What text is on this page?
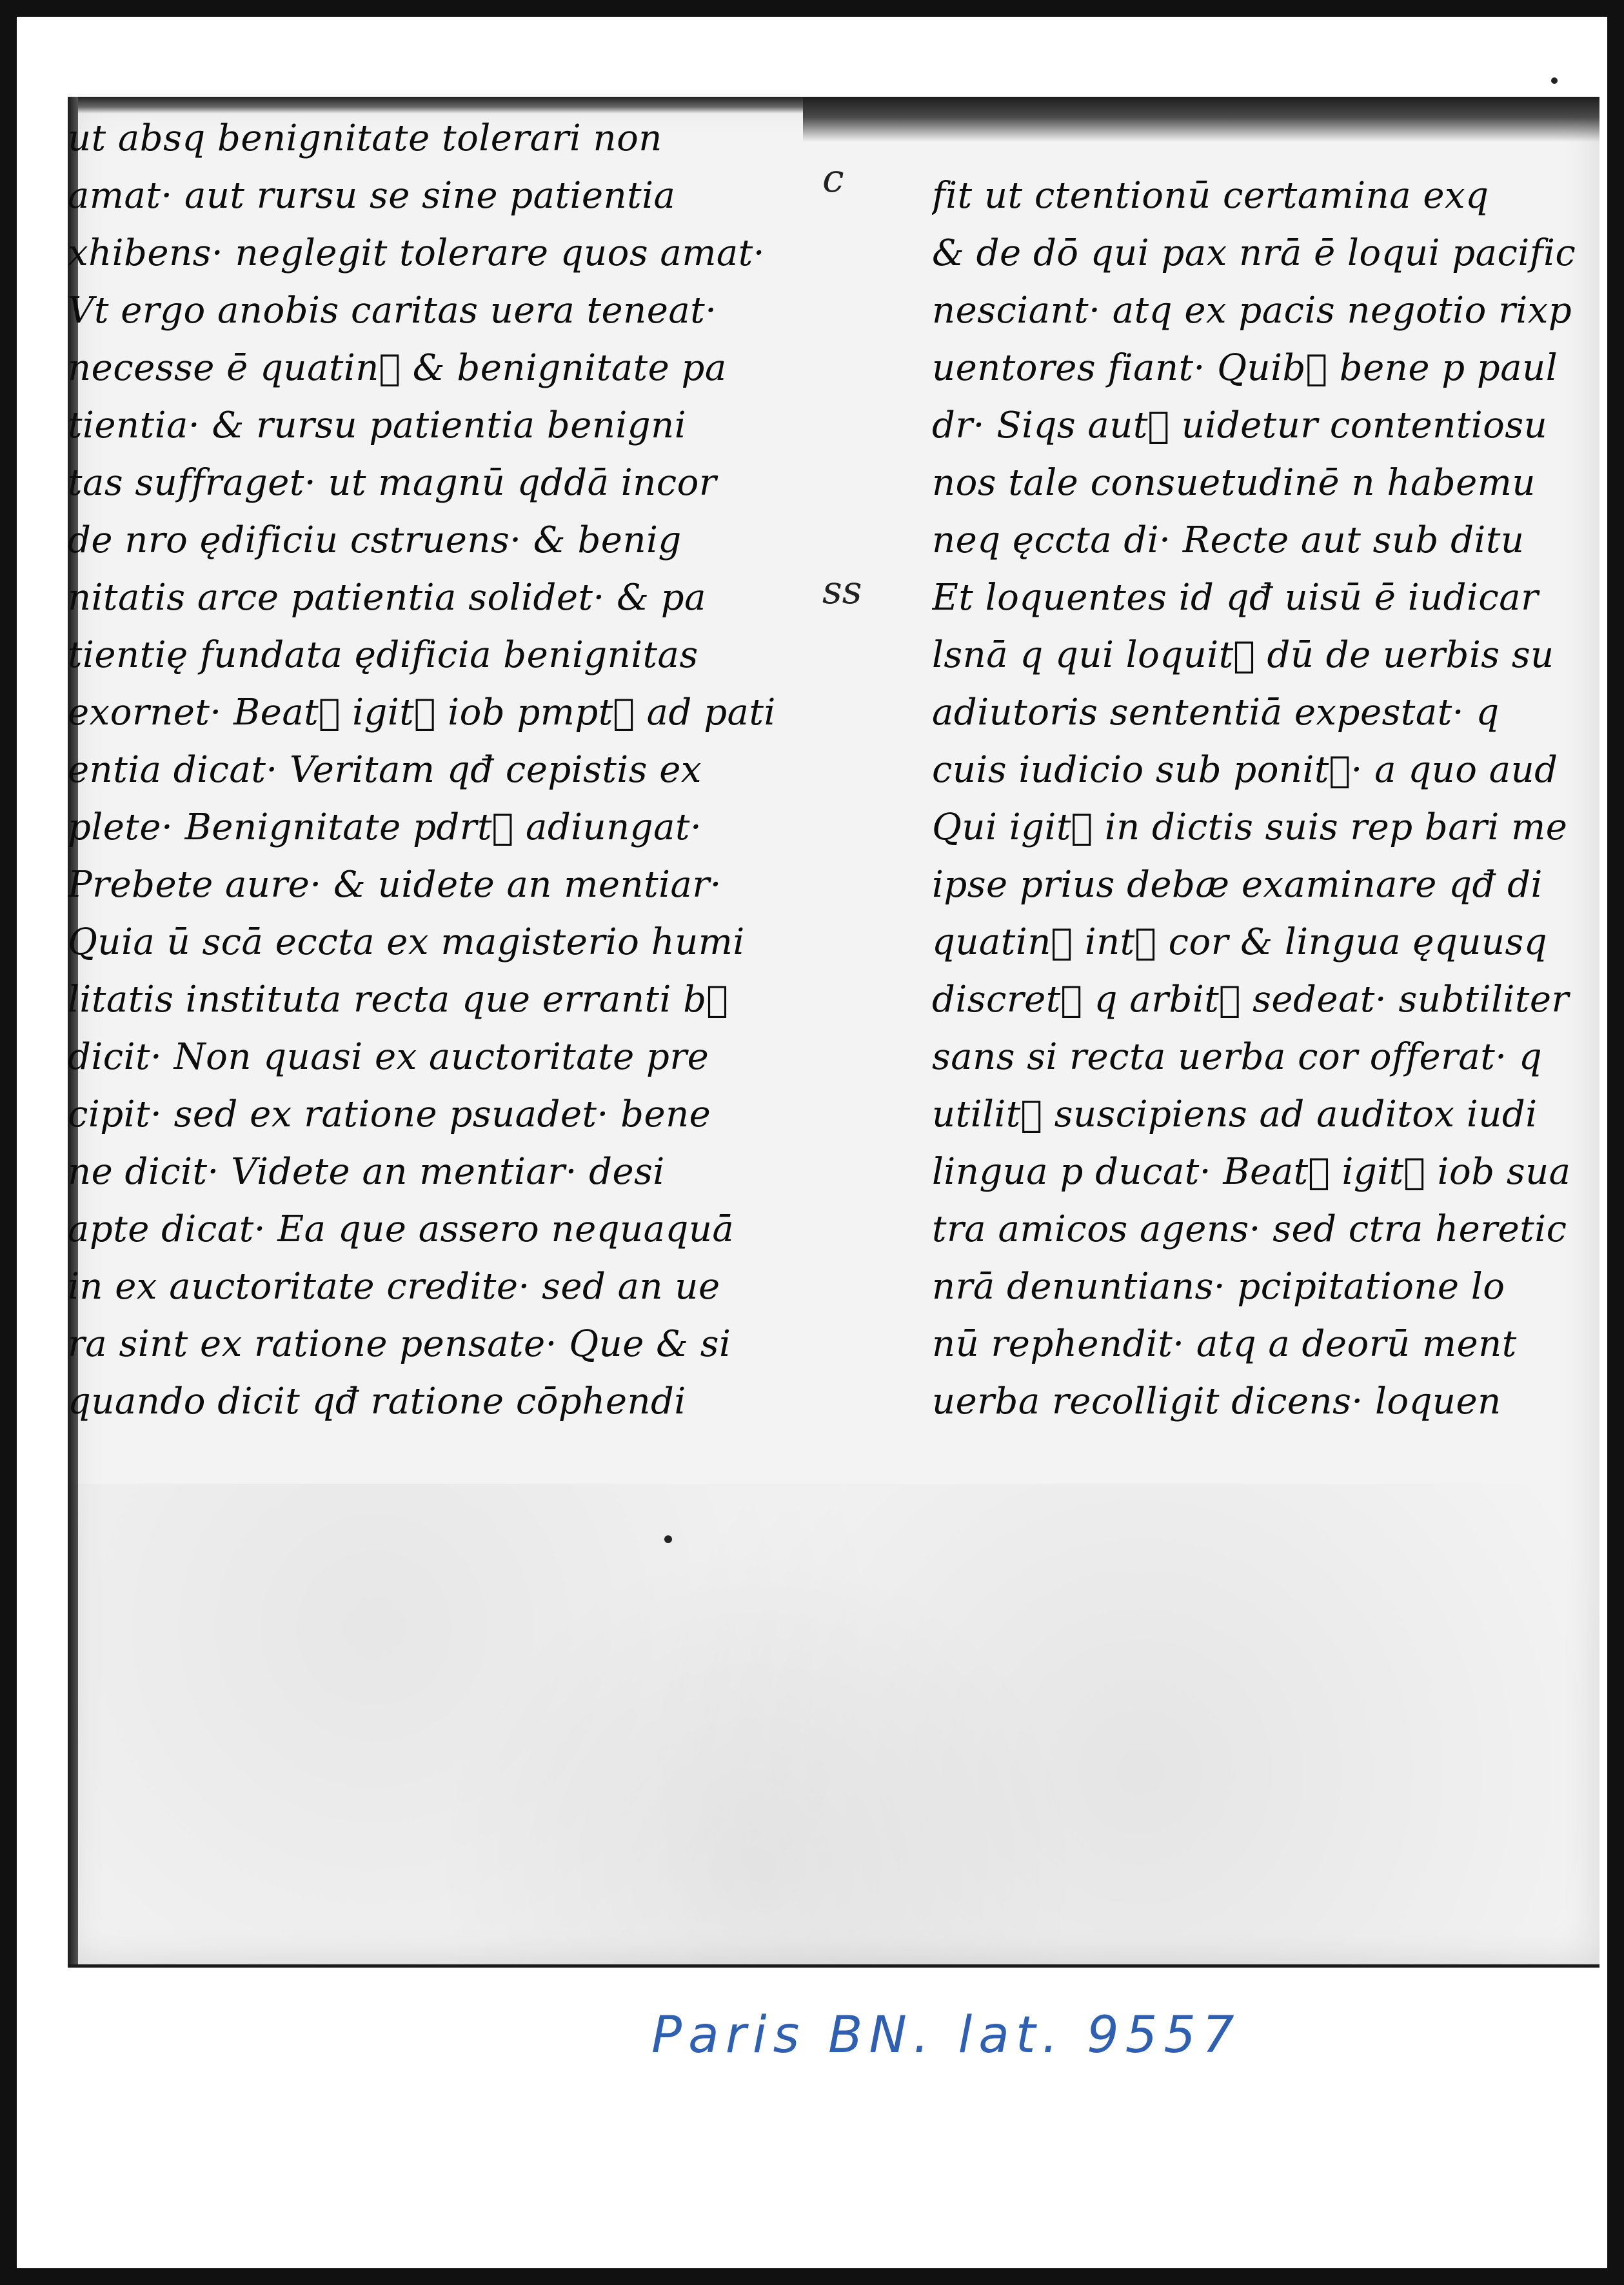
ut absq benignitate tolerari non
amat· aut rursu se sine patientia
xhibens· neglegit tolerare quos amat·
Vt ergo anobis caritas uera teneat·
necesse ē quatin᷒ & benignitate pa
tientia· & rursu patientia benigni
tas suffraget· ut magnū qddā incor
de nro ędificiu cstruens· & benig
nitatis arce patientia solidet· & pa
tientię fundata ędificia benignitas
exornet· Beat᷒ igit᷑ iob pmpt᷒ ad pati
entia dicat· Veritam qđ cepistis ex
plete· Benignitate pdrt᷒ adiungat·
Prebete aure· & uidete an mentiar·
Quia ū scā eccta ex magisterio humi
litatis instituta recta que erranti b᷒
dicit· Non quasi ex auctoritate pre
cipit· sed ex ratione psuadet· bene
ne dicit· Videte an mentiar· desi
apte dicat· Ea que assero nequaquā
in ex auctoritate credite· sed an ue
ra sint ex ratione pensate· Que & si
quando dicit qđ ratione cōphendi
fit ut ctentionū certamina exq
& de dō qui pax nrā ē loqui pacific
nesciant· atq ex pacis negotio rixp
uentores fiant· Quib᷒ bene p paul
dr· Siqs aut᷑ uidetur contentiosu
nos tale consuetudinē n habemu
neq ęccta di· Recte aut sub ditu
Et loquentes id qđ uisū ē iudicar
lsnā q qui loquit᷑ dū de uerbis su
adiutoris sententiā expestat· q
cuis iudicio sub ponit᷑· a quo aud
Qui igit᷑ in dictis suis rep bari me
ipse prius debæ examinare qđ di
quatin᷒ int᷑ cor & lingua ęquusq
discret᷒ q arbit᷑ sedeat· subtiliter
sans si recta uerba cor offerat· q
utilit᷑ suscipiens ad auditox iudi
lingua p ducat· Beat᷒ igit᷑ iob sua
tra amicos agens· sed ctra heretic
nrā denuntians· pcipitatione lo
nū rephendit· atq a deorū ment
uerba recolligit dicens· loquen
c
ss
Paris BN. lat. 9557
